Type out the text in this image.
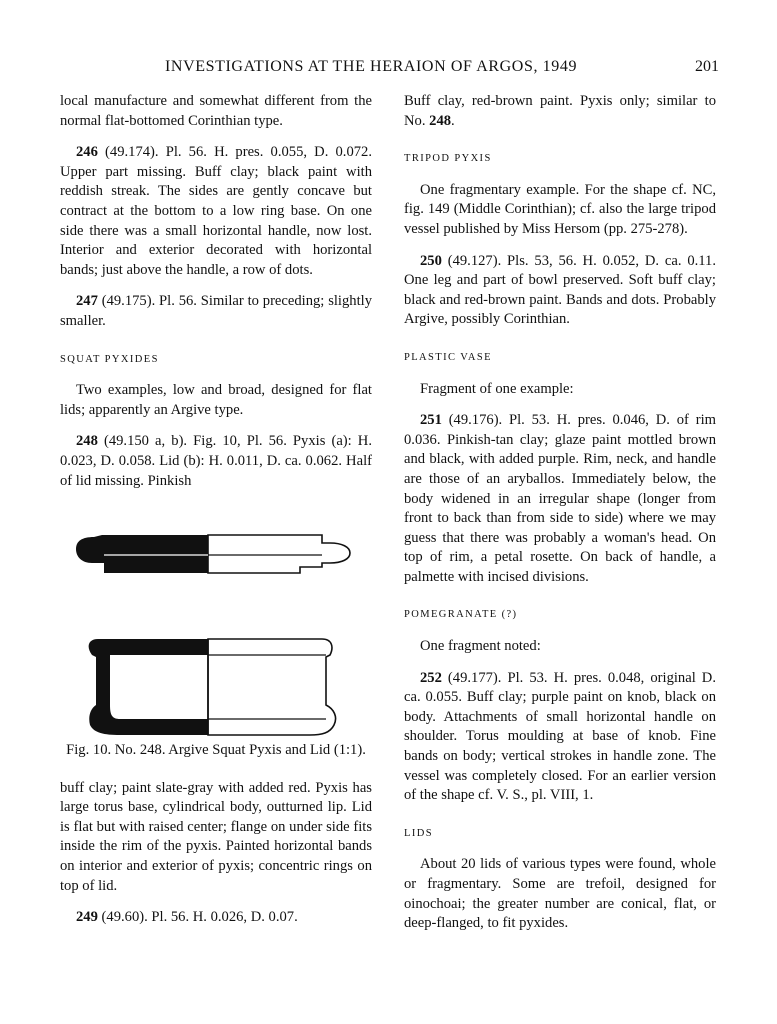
INVESTIGATIONS AT THE HERAION OF ARGOS, 1949	201

local manufacture and somewhat different from the normal flat-bottomed Corinthian type.

246 (49.174). Pl. 56. H. pres. 0.055, D. 0.072. Upper part missing. Buff clay; black paint with reddish streak. The sides are gently concave but contract at the bottom to a low ring base. On one side there was a small horizontal handle, now lost. Interior and exterior decorated with horizontal bands; just above the handle, a row of dots.

247 (49.175). Pl. 56. Similar to preceding; slightly smaller.

SQUAT PYXIDES

Two examples, low and broad, designed for flat lids; apparently an Argive type.

248 (49.150 a, b). Fig. 10, Pl. 56. Pyxis (a): H. 0.023, D. 0.058. Lid (b): H. 0.011, D. ca. 0.062. Half of lid missing. Pinkish

Fig. 10. No. 248. Argive Squat Pyxis and Lid (1:1).

buff clay; paint slate-gray with added red. Pyxis has large torus base, cylindrical body, outturned lip. Lid is flat but with raised center; flange on under side fits inside the rim of the pyxis. Painted horizontal bands on interior and exterior of pyxis; concentric rings on top of lid.

249 (49.60). Pl. 56. H. 0.026, D. 0.07.

Buff clay, red-brown paint. Pyxis only; similar to No. 248.

TRIPOD PYXIS

One fragmentary example. For the shape cf. NC, fig. 149 (Middle Corinthian); cf. also the large tripod vessel published by Miss Hersom (pp. 275-278).

250 (49.127). Pls. 53, 56. H. 0.052, D. ca. 0.11. One leg and part of bowl preserved. Soft buff clay; black and red-brown paint. Bands and dots. Probably Argive, possibly Corinthian.

PLASTIC VASE

Fragment of one example:

251 (49.176). Pl. 53. H. pres. 0.046, D. of rim 0.036. Pinkish-tan clay; glaze paint mottled brown and black, with added purple. Rim, neck, and handle are those of an aryballos. Immediately below, the body widened in an irregular shape (longer from front to back than from side to side) where we may guess that there was probably a woman's head. On top of rim, a petal rosette. On back of handle, a palmette with incised divisions.

POMEGRANATE (?)

One fragment noted:

252 (49.177). Pl. 53. H. pres. 0.048, original D. ca. 0.055. Buff clay; purple paint on knob, black on body. Attachments of small horizontal handle on shoulder. Torus moulding at base of knob. Fine bands on body; vertical strokes in handle zone. The vessel was completely closed. For an earlier version of the shape cf. V. S., pl. VIII, 1.

LIDS

About 20 lids of various types were found, whole or fragmentary. Some are trefoil, designed for oinochoai; the greater number are conical, flat, or deep-flanged, to fit pyxides.
